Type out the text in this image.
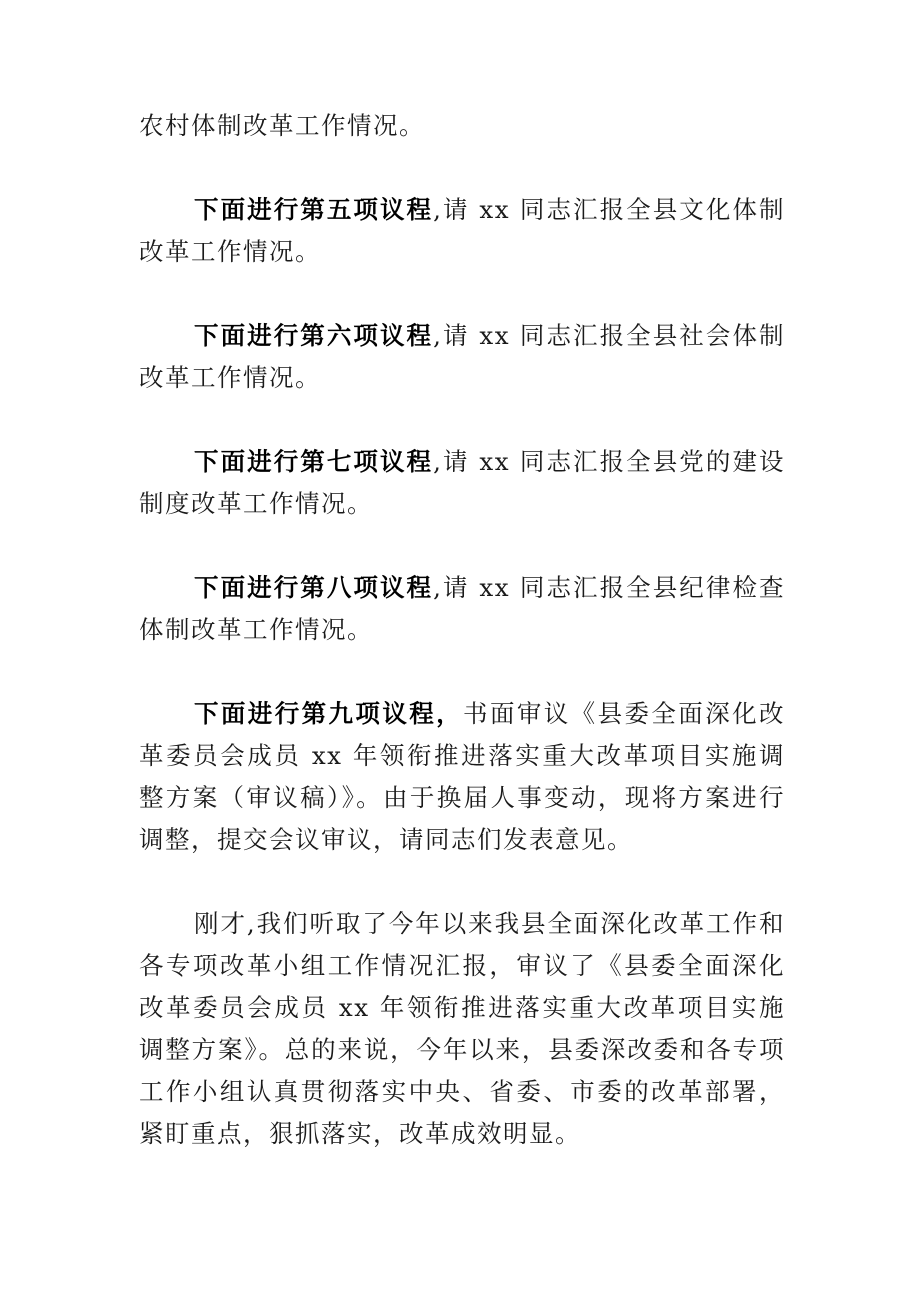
农村体制改革工作情况。

下面进行第五项议程,请 xx 同志汇报全县文化体制改革工作情况。

下面进行第六项议程,请 xx 同志汇报全县社会体制改革工作情况。

下面进行第七项议程,请 xx 同志汇报全县党的建设制度改革工作情况。

下面进行第八项议程,请 xx 同志汇报全县纪律检查体制改革工作情况。

下面进行第九项议程，书面审议《县委全面深化改革委员会成员 xx 年领衔推进落实重大改革项目实施调整方案（审议稿）》。由于换届人事变动，现将方案进行调整，提交会议审议，请同志们发表意见。

刚才,我们听取了今年以来我县全面深化改革工作和各专项改革小组工作情况汇报，审议了《县委全面深化改革委员会成员 xx 年领衔推进落实重大改革项目实施调整方案》。总的来说，今年以来，县委深改委和各专项工作小组认真贯彻落实中央、省委、市委的改革部署，紧盯重点，狠抓落实，改革成效明显。
